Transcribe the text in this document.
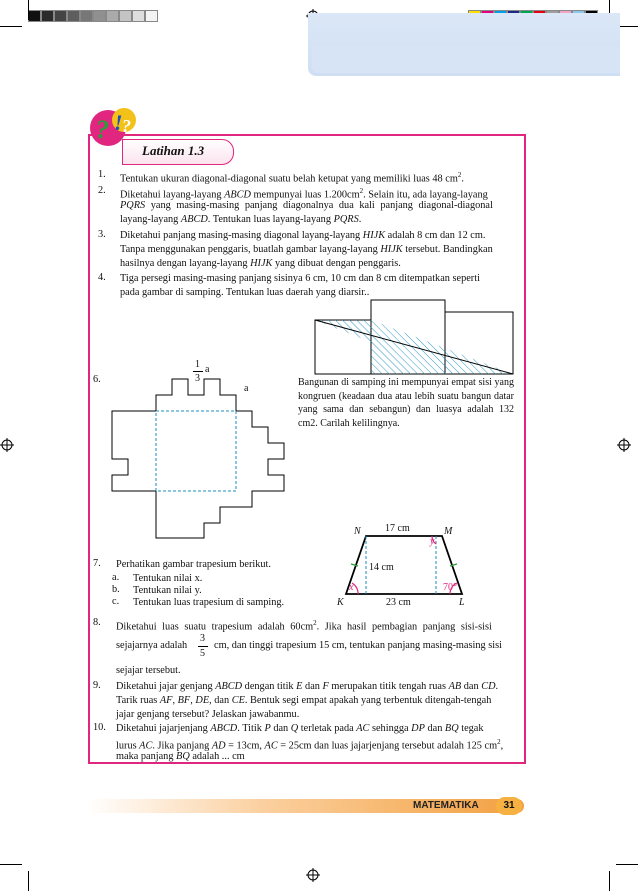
? ! ?
Latihan 1.3
1. Tentukan ukuran diagonal-diagonal suatu belah ketupat yang memiliki luas 48 $cm^2$.
2. Diketahui layang-layang ABCD mempunyai luas $1.200cm^2$. Selain itu, ada layang-layang
PQRS yang masing-masing panjang diagonalnya dua kali panjang diagonal-diagonal
layang-layang ABCD. Tentukan luas layang-layang PQRS.
3. Diketahui panjang masing-masing diagonal layang-layang HIJK adalah 8 cm dan 12 cm.
Tanpa menggunakan penggaris, buatlah gambar layang-layang HIJK tersebut. Bandingkan
hasilnya dengan layang-layang HIJK yang dibuat dengan penggaris.
4. Tiga persegi masing-masing panjang sisinya 6 cm, 10 cm dan 8 cm ditempatkan seperti
pada gambar di samping. Tentukan luas daerah yang diarsir..
6.
1
3
a
a
Bangunan di samping ini mempunyai empat sisi yang kongruen (keadaan dua atau lebih suatu bangun datar yang sama dan sebangun) dan luasya adalah 132 cm2. Carilah kelilingnya.
7. Perhatikan gambar trapesium berikut.
a. Tentukan nilai x.
b. Tentukan nilai y.
c. Tentukan luas trapesium di samping.
N	M
K	L
17 cm
14 cm
23 cm
x
y
70°
8. Diketahui luas suatu trapesium adalah $60cm^2$. Jika hasil pembagian panjang sisi-sisi
sejajarnya adalah
3
5
cm, dan tinggi trapesium 15 cm, tentukan panjang masing-masing sisi
sejajar tersebut.
9. Diketahui jajar genjang ABCD dengan titik E dan F merupakan titik tengah ruas AB dan CD.
Tarik ruas AF, BF, DE, dan CE. Bentuk segi empat apakah yang terbentuk ditengah-tengah
jajar genjang tersebut? Jelaskan jawabanmu.
10. Diketahui jajarjenjang ABCD. Titik P dan Q terletak pada AC sehingga DP dan BQ tegak
lurus AC. Jika panjang AD = 13cm, AC = 25cm dan luas jajarjenjang tersebut adalah 125 $cm^2$,
maka panjang BQ adalah ... cm
MATEMATIKA	31
